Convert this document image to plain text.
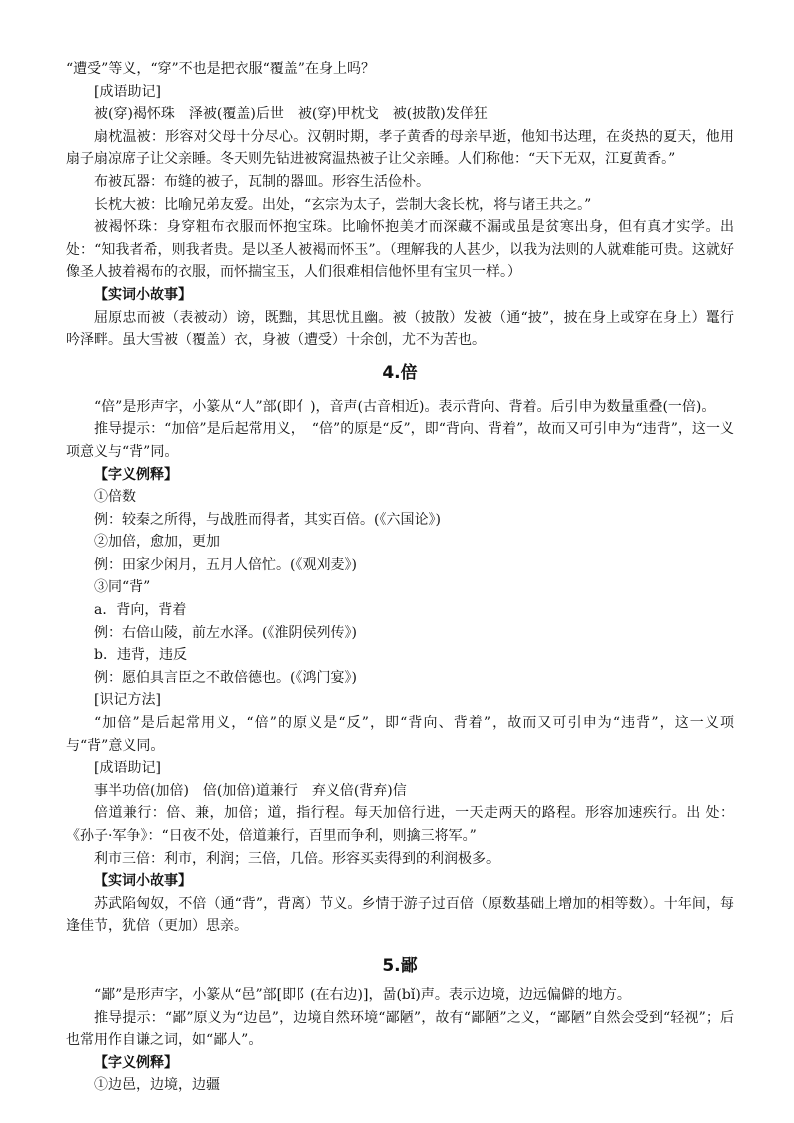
“遭受”等义，“穿”不也是把衣服“覆盖”在身上吗？

[成语助记]

被(穿)褐怀珠　泽被(覆盖)后世　被(穿)甲枕戈　被(披散)发佯狂

扇枕温被：形容对父母十分尽心。汉朝时期，孝子黄香的母亲早逝，他知书达理，在炎热的夏天，他用扇子扇凉席子让父亲睡。冬天则先钻进被窝温热被子让父亲睡。人们称他：“天下无双，江夏黄香。”

布被瓦器：布缝的被子，瓦制的器皿。形容生活俭朴。

长枕大被：比喻兄弟友爱。出处，“玄宗为太子，尝制大衾长枕，将与诸王共之。”

被褐怀珠：身穿粗布衣服而怀抱宝珠。比喻怀抱美才而深藏不漏或虽是贫寒出身，但有真才实学。出处：“知我者希，则我者贵。是以圣人被褐而怀玉”。（理解我的人甚少，以我为法则的人就难能可贵。这就好像圣人披着褐布的衣服，而怀揣宝玉，人们很难相信他怀里有宝贝一样。）

【实词小故事】

屈原忠而被（表被动）谤，既黜，其思忧且幽。被（披散）发被（通“披”，披在身上或穿在身上）鼍行吟泽畔。虽大雪被（覆盖）衣，身被（遭受）十余创，尤不为苦也。

4.倍

“倍”是形声字，小篆从“人”部(即亻)，音声(古音相近)。表示背向、背着。后引申为数量重叠(一倍)。

推导提示：“加倍”是后起常用义，　“倍”的原是“反”，即“背向、背着”，故而又可引申为“违背”，这一义项意义与“背”同。

【字义例释】

①倍数

例：较秦之所得，与战胜而得者，其实百倍。(《六国论》)

②加倍，愈加，更加

例：田家少闲月，五月人倍忙。(《观刈麦》)

③同“背”

a．背向，背着

例：右倍山陵，前左水泽。(《淮阴侯列传》)

b．违背，违反

例：愿伯具言臣之不敢倍德也。(《鸿门宴》)

[识记方法]

“加倍”是后起常用义，“倍”的原义是“反”，即“背向、背着”，故而又可引申为“违背”，这一义项与“背”意义同。

[成语助记]

事半功倍(加倍)　倍(加倍)道兼行　弃义倍(背弃)信

倍道兼行：倍、兼，加倍；道，指行程。每天加倍行进，一天走两天的路程。形容加速疾行。出 处：《孙子·军争》：“日夜不处，倍道兼行，百里而争利，则擒三将军。”

利市三倍：利市，利润；三倍，几倍。形容买卖得到的利润极多。

【实词小故事】

苏武陷匈奴，不倍（通“背”，背离）节义。乡情于游子过百倍（原数基础上增加的相等数）。十年间，每逢佳节，犹倍（更加）思亲。

5.鄙

“鄙”是形声字，小篆从“邑”部[即阝(在右边)]，啚(bǐ)声。表示边境，边远偏僻的地方。

推导提示：“鄙”原义为“边邑”，边境自然环境“鄙陋”，故有“鄙陋”之义，“鄙陋”自然会受到“轻视”；后也常用作自谦之词，如“鄙人”。

【字义例释】

①边邑，边境，边疆
